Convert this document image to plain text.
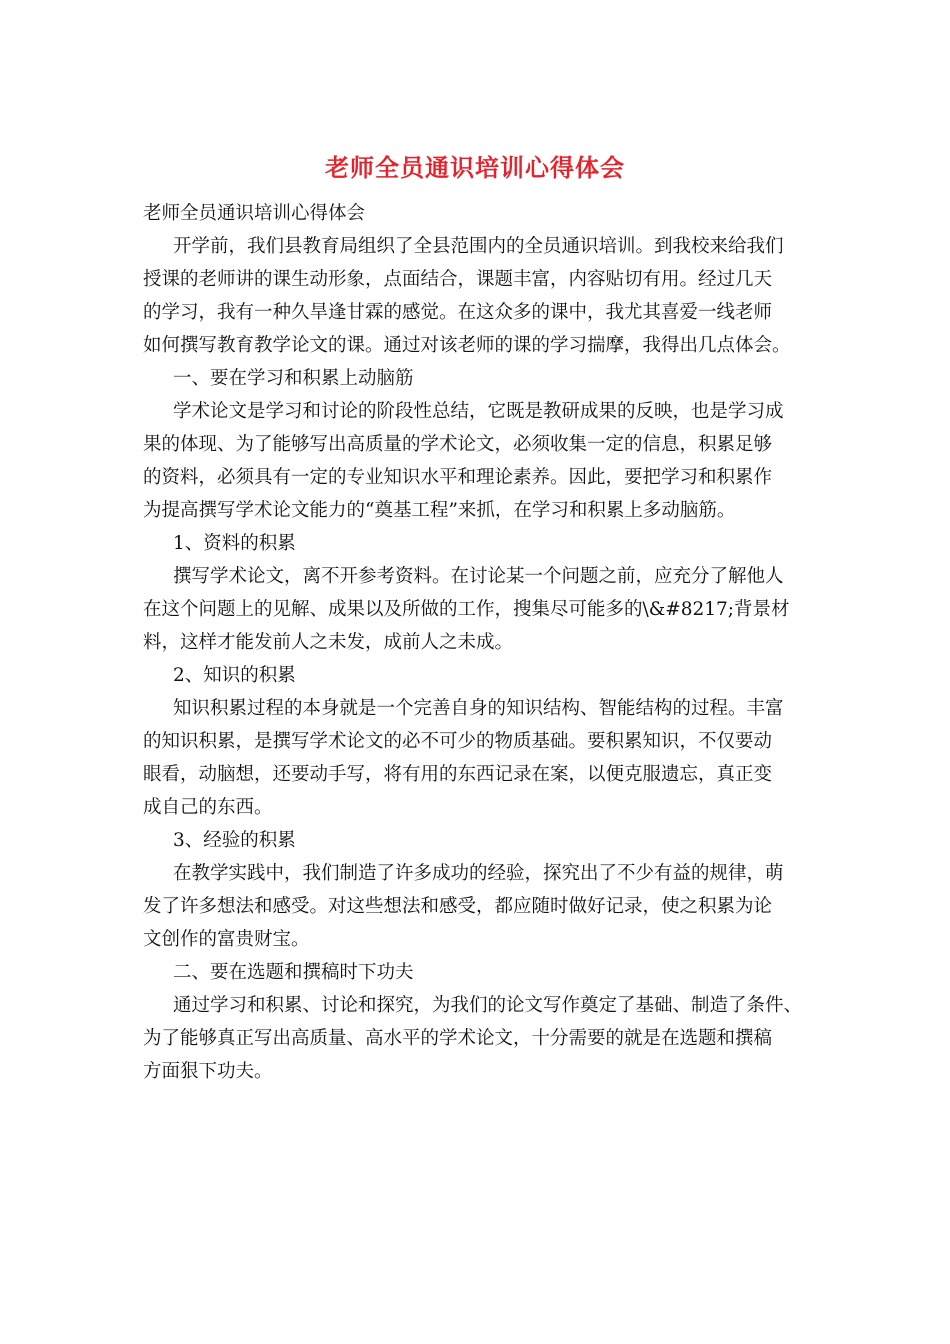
老师全员通识培训心得体会

老师全员通识培训心得体会

开学前，我们县教育局组织了全县范围内的全员通识培训。到我校来给我们
授课的老师讲的课生动形象，点面结合，课题丰富，内容贴切有用。经过几天
的学习，我有一种久旱逢甘霖的感觉。在这众多的课中，我尤其喜爱一线老师
如何撰写教育教学论文的课。通过对该老师的课的学习揣摩，我得出几点体会。

一、要在学习和积累上动脑筋

学术论文是学习和讨论的阶段性总结，它既是教研成果的反映，也是学习成
果的体现、为了能够写出高质量的学术论文，必须收集一定的信息，积累足够
的资料，必须具有一定的专业知识水平和理论素养。因此，要把学习和积累作
为提高撰写学术论文能力的“奠基工程”来抓，在学习和积累上多动脑筋。

1、资料的积累

撰写学术论文，离不开参考资料。在讨论某一个问题之前，应充分了解他人
在这个问题上的见解、成果以及所做的工作，搜集尽可能多的\&#8217;背景材
料，这样才能发前人之未发，成前人之未成。

2、知识的积累

知识积累过程的本身就是一个完善自身的知识结构、智能结构的过程。丰富
的知识积累，是撰写学术论文的必不可少的物质基础。要积累知识，不仅要动
眼看，动脑想，还要动手写，将有用的东西记录在案，以便克服遗忘，真正变
成自己的东西。

3、经验的积累

在教学实践中，我们制造了许多成功的经验，探究出了不少有益的规律，萌
发了许多想法和感受。对这些想法和感受，都应随时做好记录，使之积累为论
文创作的富贵财宝。

二、要在选题和撰稿时下功夫

通过学习和积累、讨论和探究，为我们的论文写作奠定了基础、制造了条件、
为了能够真正写出高质量、高水平的学术论文，十分需要的就是在选题和撰稿
方面狠下功夫。
